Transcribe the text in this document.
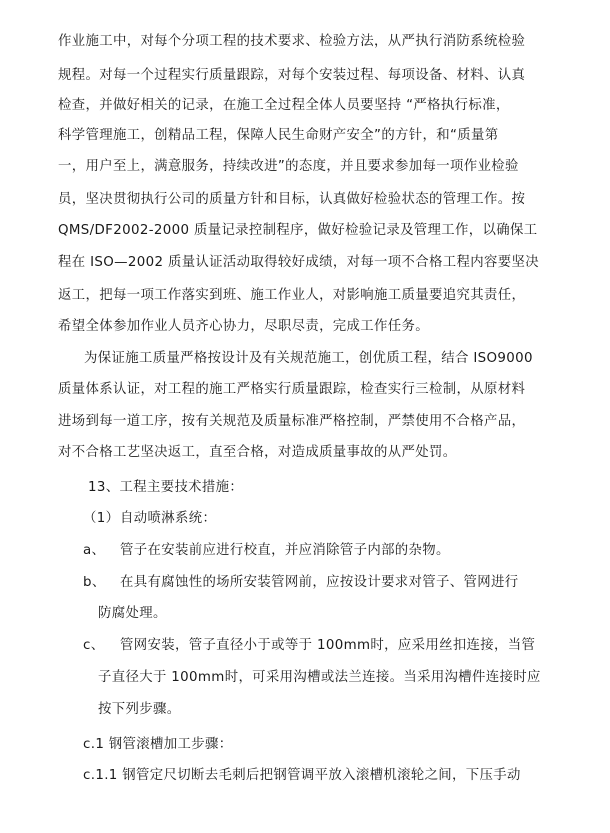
作业施工中，对每个分项工程的技术要求、检验方法，从严执行消防系统检验
规程。对每一个过程实行质量跟踪，对每个安装过程、每项设备、材料、认真
检查，并做好相关的记录，在施工全过程全体人员要坚持 “严格执行标准，
科学管理施工，创精品工程，保障人民生命财产安全”的方针，和“质量第
一，用户至上，满意服务，持续改进”的态度，并且要求参加每一项作业检验
员，坚决贯彻执行公司的质量方针和目标，认真做好检验状态的管理工作。按
QMS/DF2002-2000 质量记录控制程序，做好检验记录及管理工作，以确保工
程在 ISO—2002 质量认证活动取得较好成绩，对每一项不合格工程内容要坚决
返工，把每一项工作落实到班、施工作业人，对影响施工质量要追究其责任，
希望全体参加作业人员齐心协力，尽职尽责，完成工作任务。
为保证施工质量严格按设计及有关规范施工，创优质工程，结合 ISO9000
质量体系认证，对工程的施工严格实行质量跟踪，检查实行三检制，从原材料
进场到每一道工序，按有关规范及质量标准严格控制，严禁使用不合格产品，
对不合格工艺坚决返工，直至合格，对造成质量事故的从严处罚。
13、工程主要技术措施：
（1）自动喷淋系统：
a、 管子在安装前应进行校直，并应消除管子内部的杂物。
b、 在具有腐蚀性的场所安装管网前，应按设计要求对管子、管网进行
防腐处理。
c、 管网安装，管子直径小于或等于 100mm时，应采用丝扣连接，当管
子直径大于 100mm时，可采用沟槽或法兰连接。当采用沟槽件连接时应
按下列步骤。
c.1 钢管滚槽加工步骤：
c.1.1 钢管定尺切断去毛刺后把钢管调平放入滚槽机滚轮之间，下压手动
